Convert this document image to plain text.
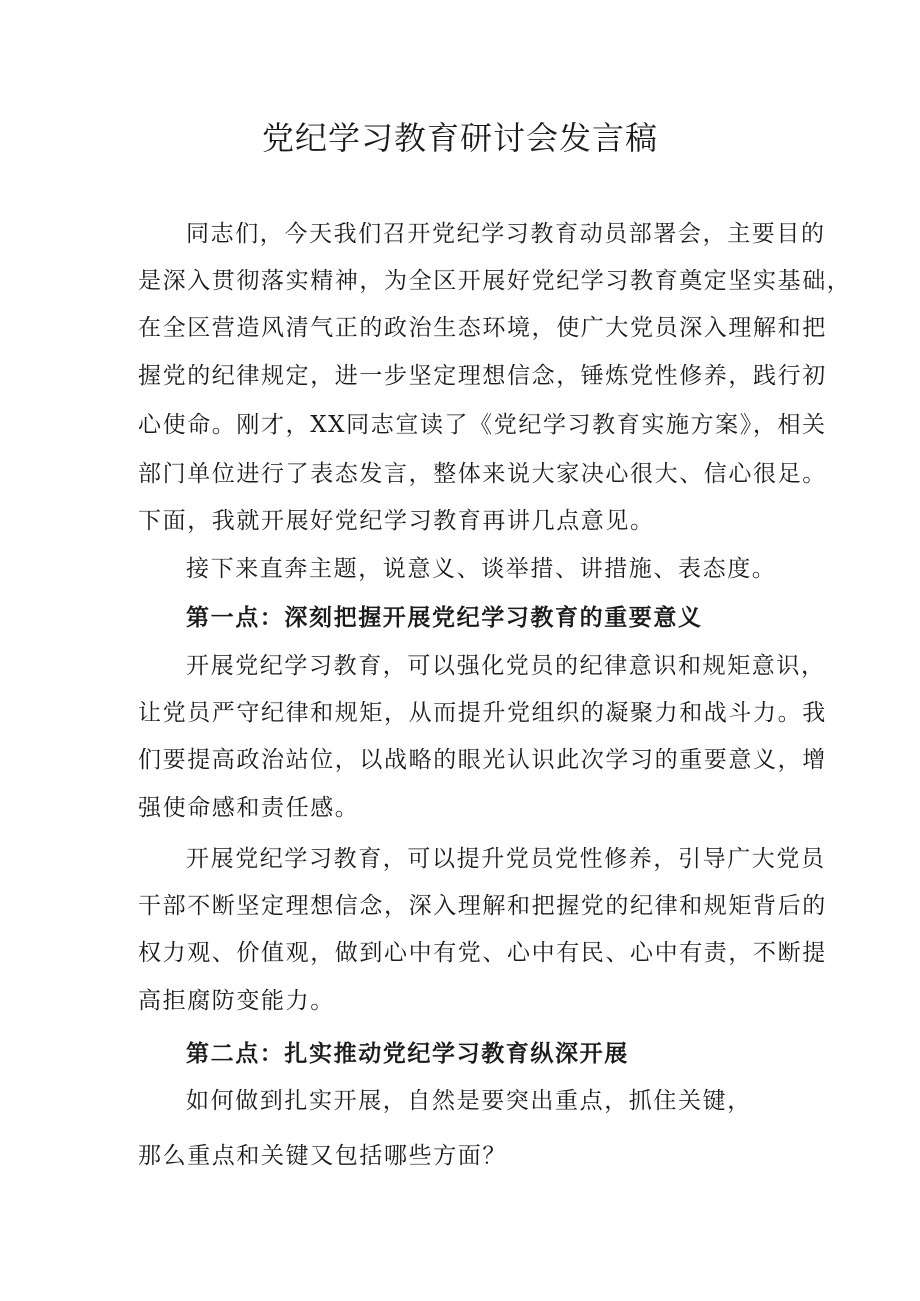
党纪学习教育研讨会发言稿
同志们，今天我们召开党纪学习教育动员部署会，主要目的
是深入贯彻落实精神，为全区开展好党纪学习教育奠定坚实基础，
在全区营造风清气正的政治生态环境，使广大党员深入理解和把
握党的纪律规定，进一步坚定理想信念，锤炼党性修养，践行初
心使命。刚才，XX同志宣读了《党纪学习教育实施方案》，相关
部门单位进行了表态发言，整体来说大家决心很大、信心很足。
下面，我就开展好党纪学习教育再讲几点意见。
接下来直奔主题，说意义、谈举措、讲措施、表态度。
第一点：深刻把握开展党纪学习教育的重要意义
开展党纪学习教育，可以强化党员的纪律意识和规矩意识，
让党员严守纪律和规矩，从而提升党组织的凝聚力和战斗力。我
们要提高政治站位，以战略的眼光认识此次学习的重要意义，增
强使命感和责任感。
开展党纪学习教育，可以提升党员党性修养，引导广大党员
干部不断坚定理想信念，深入理解和把握党的纪律和规矩背后的
权力观、价值观，做到心中有党、心中有民、心中有责，不断提
高拒腐防变能力。
第二点：扎实推动党纪学习教育纵深开展
如何做到扎实开展，自然是要突出重点，抓住关键，
那么重点和关键又包括哪些方面？
